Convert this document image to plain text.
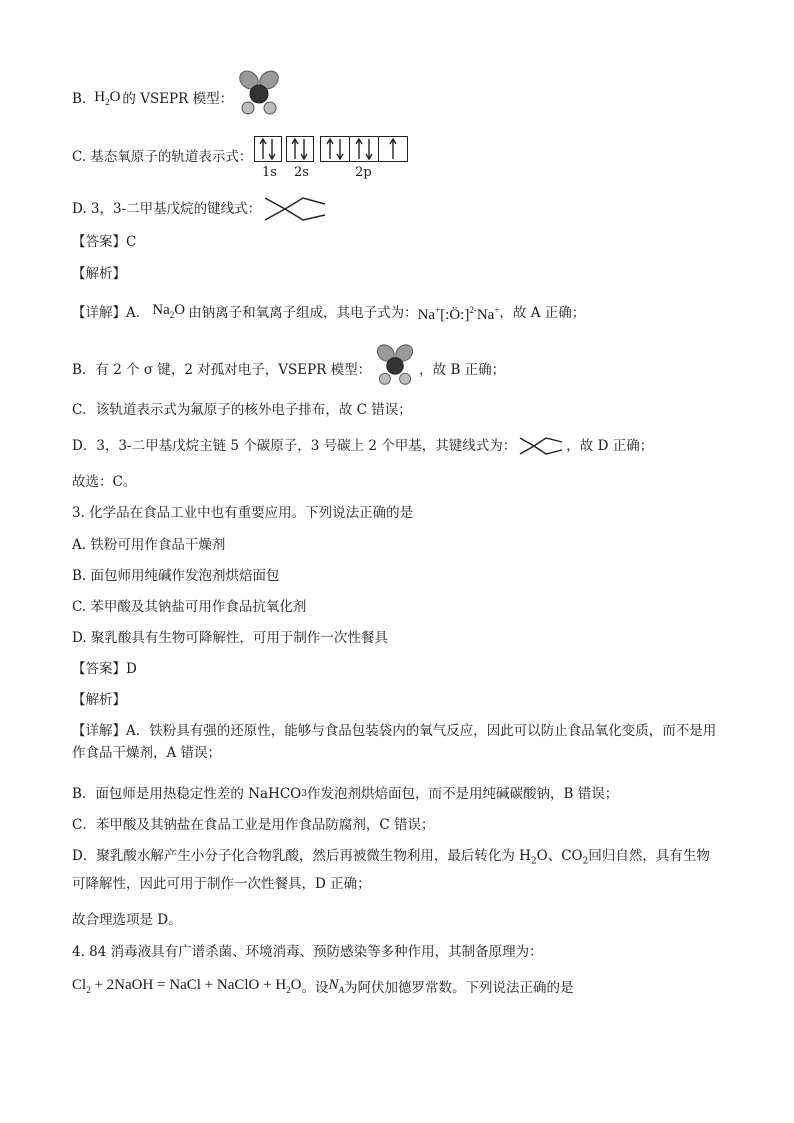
B. $H_2O$ 的 VSEPR 模型：
C. 基态氧原子的轨道表示式：
1s	2s	2p
D. 3，3-二甲基戊烷的键线式：
【答案】C
【解析】
【详解】A． $Na_2O$ 由钠离子和氧离子组成，其电子式为： Na+[:Ö:]$^{2-}$Na+ ，故 A 正确；
B．有 2 个 σ 键，2 对孤对电子，VSEPR 模型：	，故 B 正确；
C．该轨道表示式为氟原子的核外电子排布，故 C 错误；
D．3，3-二甲基戊烷主链 5 个碳原子，3 号碳上 2 个甲基，其键线式为：	，故 D 正确；
故选：C。
3. 化学品在食品工业中也有重要应用。下列说法正确的是
A. 铁粉可用作食品干燥剂
B. 面包师用纯碱作发泡剂烘焙面包
C. 苯甲酸及其钠盐可用作食品抗氧化剂
D. 聚乳酸具有生物可降解性，可用于制作一次性餐具
【答案】D
【解析】
【详解】A．铁粉具有强的还原性，能够与食品包装袋内的氧气反应，因此可以防止食品氧化变质，而不是用作食品干燥剂，A 错误；
B．面包师是用热稳定性差的 NaHCO 3 作发泡剂烘焙面包，而不是用纯碱碳酸钠，B 错误；
C．苯甲酸及其钠盐在食品工业是用作食品防腐剂，C 错误；
D．聚乳酸水解产生小分子化合物乳酸，然后再被微生物利用，最后转化为 $H_2O$、$CO_2$回归自然，具有生物可降解性，因此可用于制作一次性餐具，D 正确；
故合理选项是 D。
4. 84 消毒液具有广谱杀菌、环境消毒、预防感染等多种作用，其制备原理为：
$Cl_2$ + 2NaOH = NaCl + NaClO + $H_2O$ 。设 $N_A$ 为阿伏加德罗常数。下列说法正确的是
